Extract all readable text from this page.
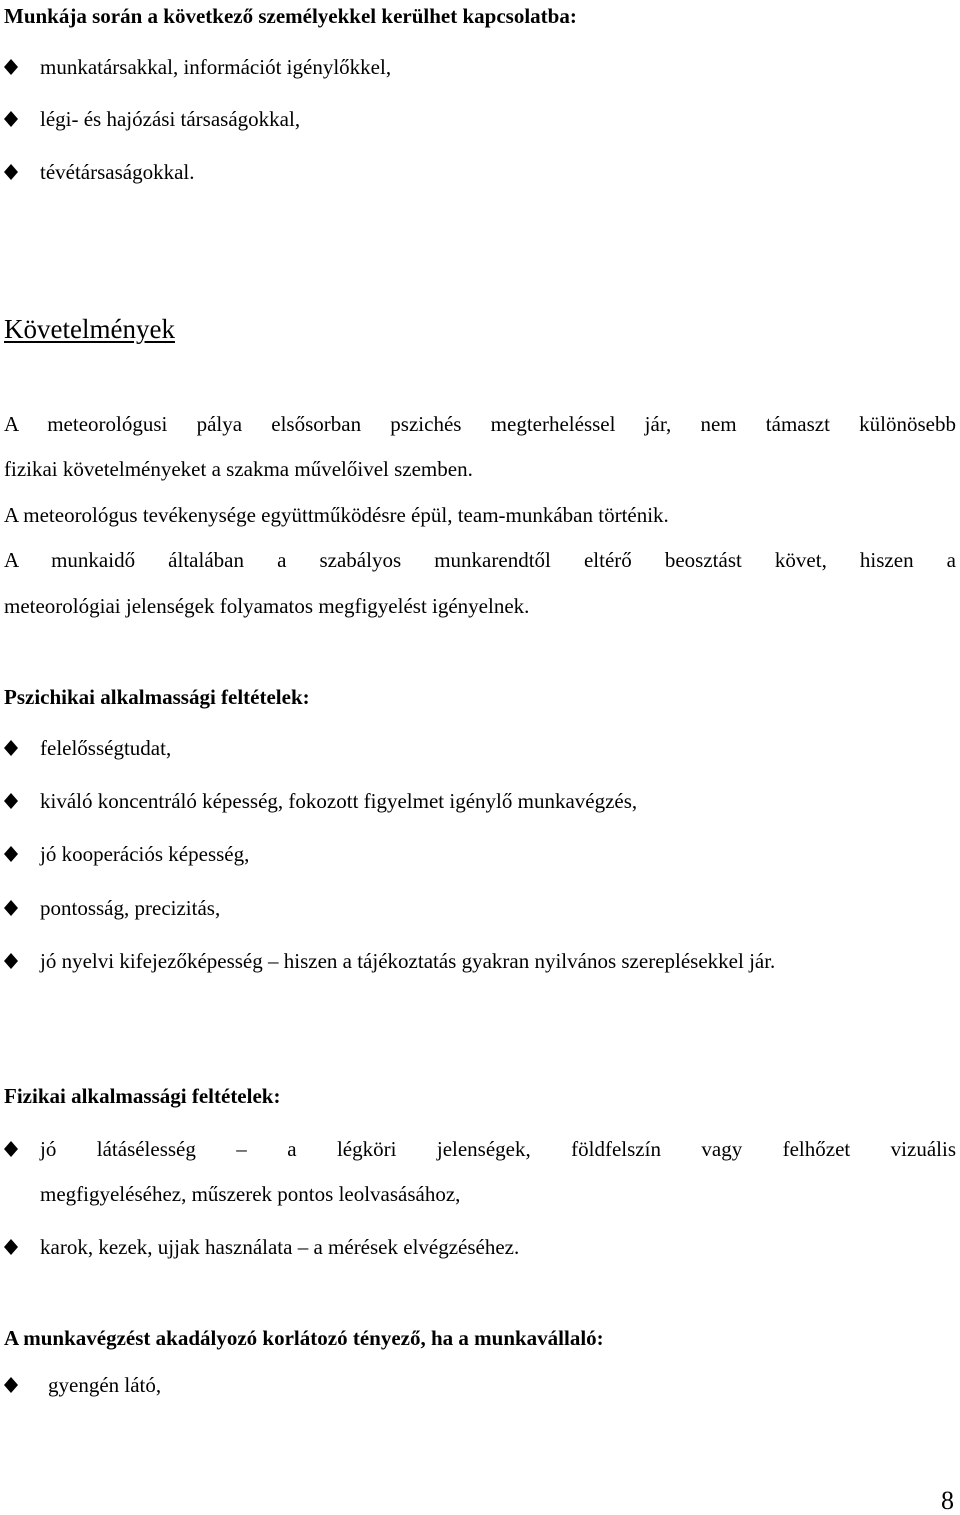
Munkája során a következő személyekkel kerülhet kapcsolatba:
munkatársakkal, információt igénylőkkel,
légi- és hajózási társaságokkal,
tévétársaságokkal.
Követelmények
A meteorológusi pálya elsősorban pszichés megterheléssel jár, nem támaszt különösebb
fizikai követelményeket a szakma művelőivel szemben.
A meteorológus tevékenysége együttműködésre épül, team-munkában történik.
A munkaidő általában a szabályos munkarendtől eltérő beosztást követ, hiszen a
meteorológiai jelenségek folyamatos megfigyelést igényelnek.
Pszichikai alkalmassági feltételek:
felelősségtudat,
kiváló koncentráló képesség, fokozott figyelmet igénylő munkavégzés,
jó kooperációs képesség,
pontosság, precizitás,
jó nyelvi kifejezőképesség – hiszen a tájékoztatás gyakran nyilvános szereplésekkel jár.
Fizikai alkalmassági feltételek:
jó látásélesség – a légköri jelenségek, földfelszín vagy felhőzet vizuális
megfigyeléséhez, műszerek pontos leolvasásához,
karok, kezek, ujjak használata – a mérések elvégzéséhez.
A munkavégzést akadályozó korlátozó tényező, ha a munkavállaló:
gyengén látó,
8
